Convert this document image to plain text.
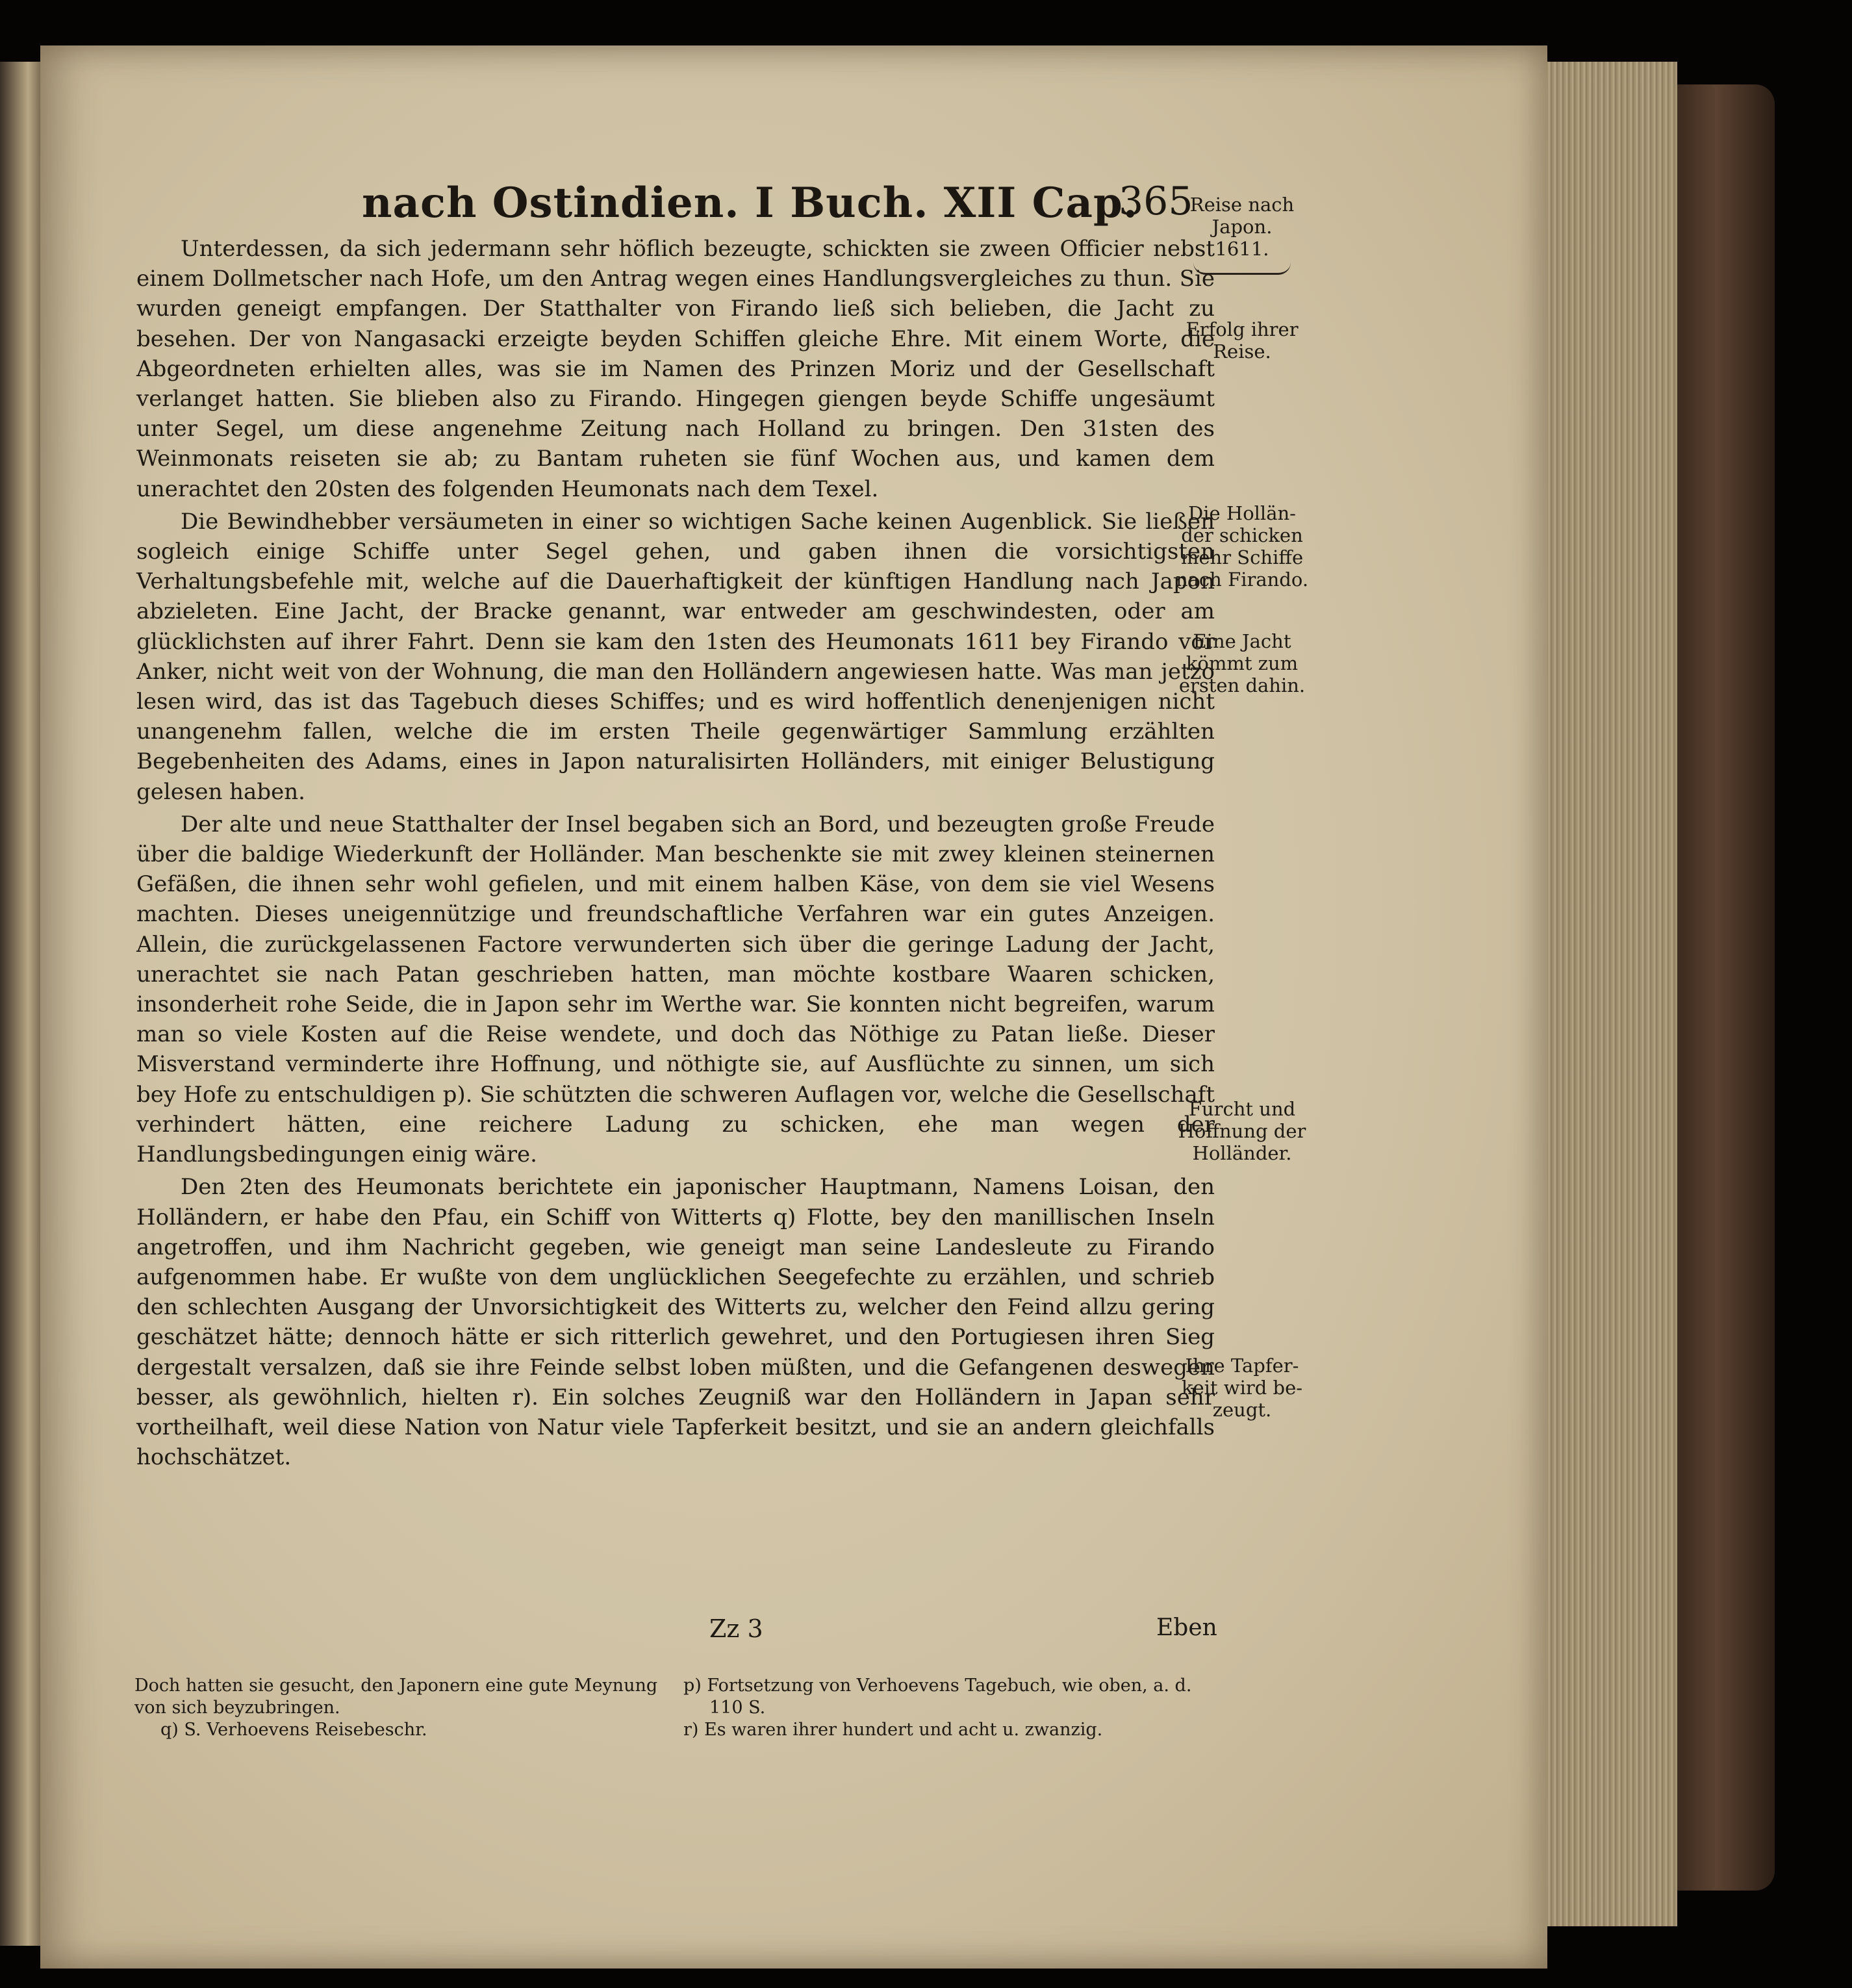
nach Ostindien. I Buch. XII Cap.
365

Unterdessen, da sich jedermann sehr höflich bezeugte, schickten sie zween Officier nebst einem Dollmetscher nach Hofe, um den Antrag wegen eines Handlungsvergleiches zu thun. Sie wurden geneigt empfangen. Der Statthalter von Firando ließ sich belieben, die Jacht zu besehen. Der von Nangasacki erzeigte beyden Schiffen gleiche Ehre. Mit einem Worte, die Abgeordneten erhielten alles, was sie im Namen des Prinzen Moriz und der Gesellschaft verlanget hatten. Sie blieben also zu Firando. Hingegen giengen beyde Schiffe ungesäumt unter Segel, um diese angenehme Zeitung nach Holland zu bringen. Den 31sten des Weinmonats reiseten sie ab; zu Bantam ruheten sie fünf Wochen aus, und kamen dem unerachtet den 20sten des folgenden Heumonats nach dem Texel.

Die Bewindhebber versäumeten in einer so wichtigen Sache keinen Augenblick. Sie ließen sogleich einige Schiffe unter Segel gehen, und gaben ihnen die vorsichtigsten Verhaltungsbefehle mit, welche auf die Dauerhaftigkeit der künftigen Handlung nach Japon abzieleten. Eine Jacht, der Bracke genannt, war entweder am geschwindesten, oder am glücklichsten auf ihrer Fahrt. Denn sie kam den 1sten des Heumonats 1611 bey Firando vor Anker, nicht weit von der Wohnung, die man den Holländern angewiesen hatte. Was man jetzo lesen wird, das ist das Tagebuch dieses Schiffes; und es wird hoffentlich denenjenigen nicht unangenehm fallen, welche die im ersten Theile gegenwärtiger Sammlung erzählten Begebenheiten des Adams, eines in Japon naturalisirten Holländers, mit einiger Belustigung gelesen haben.

Der alte und neue Statthalter der Insel begaben sich an Bord, und bezeugten große Freude über die baldige Wiederkunft der Holländer. Man beschenkte sie mit zwey kleinen steinernen Gefäßen, die ihnen sehr wohl gefielen, und mit einem halben Käse, von dem sie viel Wesens machten. Dieses uneigennützige und freundschaftliche Verfahren war ein gutes Anzeigen. Allein, die zurückgelassenen Factore verwunderten sich über die geringe Ladung der Jacht, unerachtet sie nach Patan geschrieben hatten, man möchte kostbare Waaren schicken, insonderheit rohe Seide, die in Japon sehr im Werthe war. Sie konnten nicht begreifen, warum man so viele Kosten auf die Reise wendete, und doch das Nöthige zu Patan ließe. Dieser Misverstand verminderte ihre Hoffnung, und nöthigte sie, auf Ausflüchte zu sinnen, um sich bey Hofe zu entschuldigen p). Sie schützten die schweren Auflagen vor, welche die Gesellschaft verhindert hätten, eine reichere Ladung zu schicken, ehe man wegen der Handlungsbedingungen einig wäre.

Den 2ten des Heumonats berichtete ein japonischer Hauptmann, Namens Loisan, den Holländern, er habe den Pfau, ein Schiff von Witterts q) Flotte, bey den manillischen Inseln angetroffen, und ihm Nachricht gegeben, wie geneigt man seine Landesleute zu Firando aufgenommen habe. Er wußte von dem unglücklichen Seegefechte zu erzählen, und schrieb den schlechten Ausgang der Unvorsichtigkeit des Witterts zu, welcher den Feind allzu gering geschätzet hätte; dennoch hätte er sich ritterlich gewehret, und den Portugiesen ihren Sieg dergestalt versalzen, daß sie ihre Feinde selbst loben müßten, und die Gefangenen deswegen besser, als gewöhnlich, hielten r). Ein solches Zeugniß war den Holländern in Japan sehr vortheilhaft, weil diese Nation von Natur viele Tapferkeit besitzt, und sie an andern gleichfalls hochschätzet.

Reise nach
Japon.
1611.
Erfolg ihrer
Reise.
Die Hollän-
der schicken
mehr Schiffe
nach Firando.
Eine Jacht
kömmt zum
ersten dahin.
Furcht und
Hoffnung der
Holländer.
Ihre Tapfer-
keit wird be-
zeugt.
Zz 3	Eben

Doch hatten sie gesucht, den Japonern eine gute Meynung von sich beyzubringen.

q) S. Verhoevens Reisebeschr.

p) Fortsetzung von Verhoevens Tagebuch, wie oben, a. d. 110 S.

r) Es waren ihrer hundert und acht u. zwanzig.
